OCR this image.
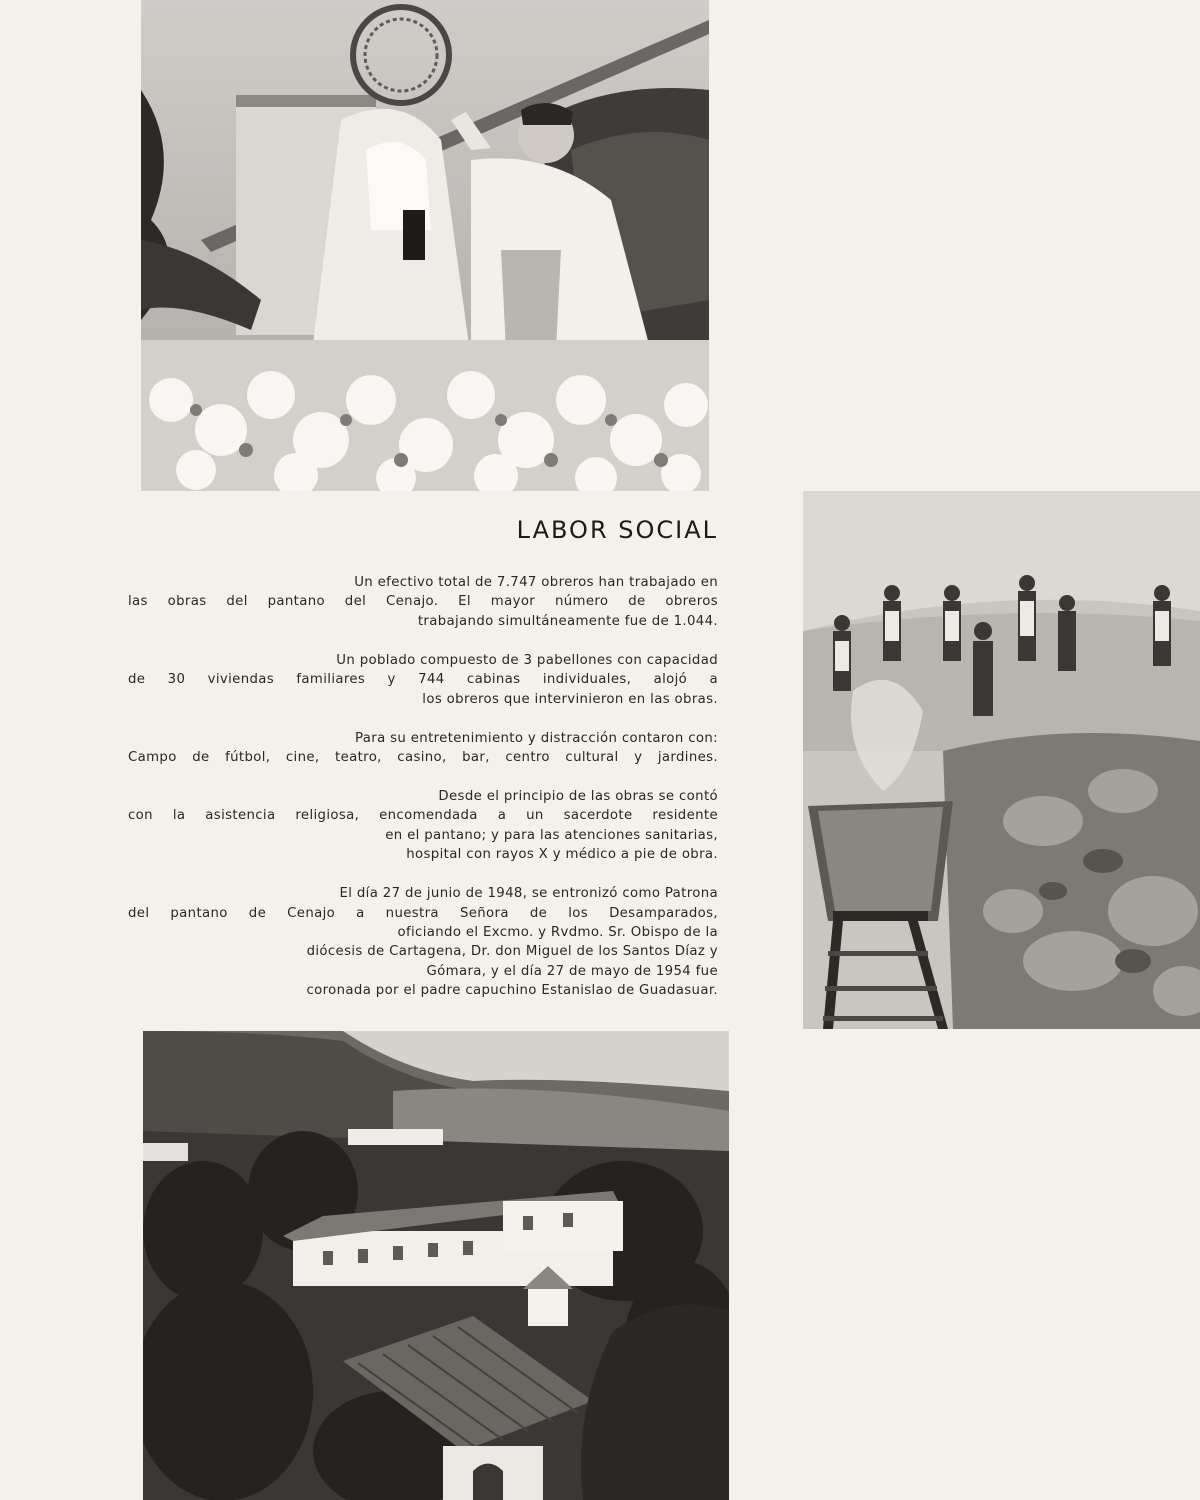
LABOR SOCIAL

Un efectivo total de 7.747 obreros han trabajado en
las obras del pantano del Cenajo. El mayor número de obreros
trabajando simultáneamente fue de 1.044.

Un poblado compuesto de 3 pabellones con capacidad
de 30 viviendas familiares y 744 cabinas individuales, alojó a
los obreros que intervinieron en las obras.

Para su entretenimiento y distracción contaron con:
Campo de fútbol, cine, teatro, casino, bar, centro cultural y jardines.

Desde el principio de las obras se contó
con la asistencia religiosa, encomendada a un sacerdote residente
en el pantano; y para las atenciones sanitarias,
hospital con rayos X y médico a pie de obra.

El día 27 de junio de 1948, se entronizó como Patrona
del pantano de Cenajo a nuestra Señora de los Desamparados,
oficiando el Excmo. y Rvdmo. Sr. Obispo de la
diócesis de Cartagena, Dr. don Miguel de los Santos Díaz y
Gómara, y el día 27 de mayo de 1954 fue
coronada por el padre capuchino Estanislao de Guadasuar.
